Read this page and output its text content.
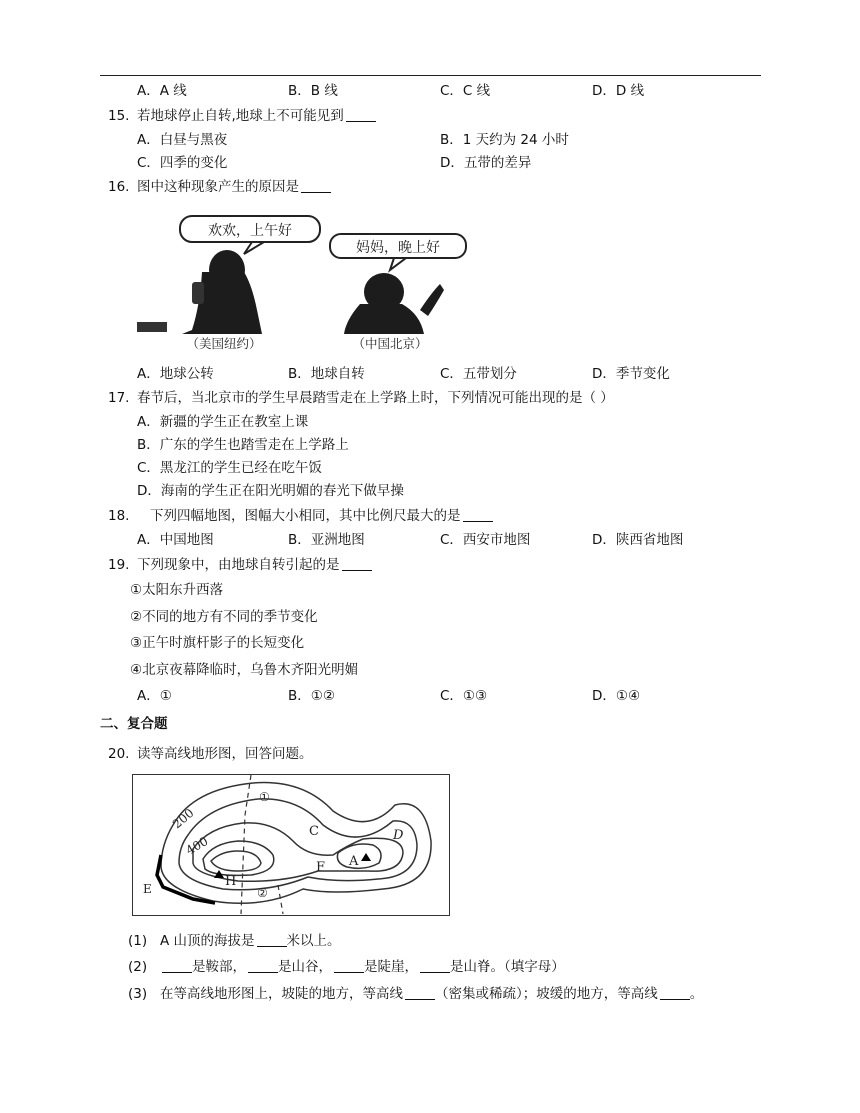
A．A 线	B．B 线	C．C 线	D．D 线
15. 若地球停止自转,地球上不可能见到
A．白昼与黑夜	B．1 天约为 24 小时
C．四季的变化	D．五带的差异
16. 图中这种现象产生的原因是
欢欢，上午好
妈妈，晚上好
（美国纽约）	（中国北京）
A．地球公转	B．地球自转	C．五带划分	D．季节变化
17. 春节后，当北京市的学生早晨踏雪走在上学路上时，下列情况可能出现的是（ ）
A．新疆的学生正在教室上课
B．广东的学生也踏雪走在上学路上
C．黑龙江的学生已经在吃午饭
D．海南的学生正在阳光明媚的春光下做早操
18. 下列四幅地图，图幅大小相同，其中比例尺最大的是
A．中国地图	B．亚洲地图	C．西安市地图	D．陕西省地图
19. 下列现象中，由地球自转引起的是
①太阳东升西落
②不同的地方有不同的季节变化
③正午时旗杆影子的长短变化
④北京夜幕降临时，乌鲁木齐阳光明媚
A．①	B．①②	C．①③	D．①④
二、复合题
20. 读等高线地形图，回答问题。
200
400
①
②
C	D
F A
H
E
(1) A 山顶的海拔是 米以上。
(2)	是鞍部， 是山谷， 是陡崖， 是山脊。（填字母）
(3) 在等高线地形图上，坡陡的地方，等高线 （密集或稀疏）；坡缓的地方，等高线 。
